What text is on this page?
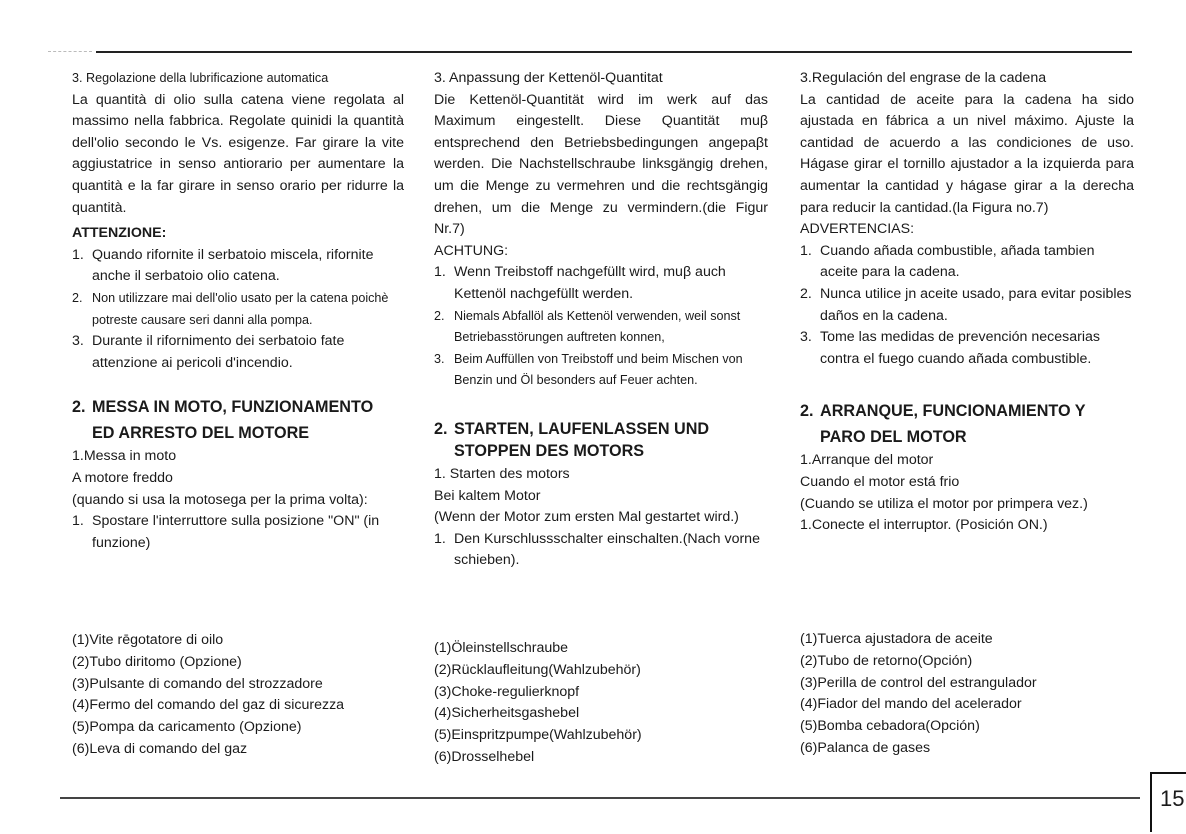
3. Regolazione della lubrificazione automatica

La quantità di olio sulla catena viene regolata al massimo nella fabbrica. Regolate quinidi la quantità dell'olio secondo le Vs. esigenze. Far girare la vite aggiustatrice in senso antiorario per aumentare la quantità e la far girare in senso orario per ridurre la quantità.

ATTENZIONE:

1. Quando rifornite il serbatoio miscela, rifornite anche il serbatoio olio catena.
2. Non utilizzare mai dell'olio usato per la catena poichè potreste causare seri danni alla pompa.
3. Durante il rifornimento dei serbatoio fate attenzione ai pericoli d'incendio.
2. MESSA IN MOTO, FUNZIONAMENTO
ED ARRESTO DEL MOTORE

1.Messa in moto

A motore freddo

(quando si usa la motosega per la prima volta):

1. Spostare l'interruttore sulla posizione "ON" (in funzione)

3. Anpassung der Kettenöl-Quantitat

Die Kettenöl-Quantität wird im werk auf das Maximum eingestellt. Diese Quantität muβ entsprechend den Betriebsbedingungen angepaβt werden. Die Nachstellschraube linksgängig drehen, um die Menge zu vermehren und die rechtsgängig drehen, um die Menge zu vermindern.(die Figur Nr.7)

ACHTUNG:

1. Wenn Treibstoff nachgefüllt wird, muβ auch Kettenöl nachgefüllt werden.
2. Niemals Abfallöl als Kettenöl verwenden, weil sonst Betriebasstörungen auftreten konnen,
3. Beim Auffüllen von Treibstoff und beim Mischen von Benzin und Öl besonders auf Feuer achten.
2. STARTEN, LAUFENLASSEN UND
STOPPEN DES MOTORS

1. Starten des motors

Bei kaltem Motor

(Wenn der Motor zum ersten Mal gestartet wird.)

1. Den Kurschlussschalter einschalten.(Nach vorne schieben).

3.Regulación del engrase de la cadena

La cantidad de aceite para la cadena ha sido ajustada en fábrica a un nivel máximo. Ajuste la cantidad de acuerdo a las condiciones de uso. Hágase girar el tornillo ajustador a la izquierda para aumentar la cantidad y hágase girar a la derecha para reducir la cantidad.(la Figura no.7)

ADVERTENCIAS:

1. Cuando añada combustible, añada tambien aceite para la cadena.
2. Nunca utilice jn aceite usado, para evitar posibles daños en la cadena.
3. Tome las medidas de prevención necesarias contra el fuego cuando añada combustible.
2. ARRANQUE, FUNCIONAMIENTO Y
PARO DEL MOTOR

1.Arranque del motor

Cuando el motor está frio

(Cuando se utiliza el motor por primpera vez.)

1.Conecte el interruptor. (Posición ON.)

(1)Vite rēgotatore di oilo
(2)Tubo diritomo (Opzione)
(3)Pulsante di comando del strozzadore
(4)Fermo del comando del gaz di sicurezza
(5)Pompa da caricamento (Opzione)
(6)Leva di comando del gaz
(1)Öleinstellschraube
(2)Rücklaufleitung(Wahlzubehör)
(3)Choke-regulierknopf
(4)Sicherheitsgashebel
(5)Einspritzpumpe(Wahlzubehör)
(6)Drosselhebel
(1)Tuerca ajustadora de aceite
(2)Tubo de retorno(Opción)
(3)Perilla de control del estrangulador
(4)Fiador del mando del acelerador
(5)Bomba cebadora(Opción)
(6)Palanca de gases
15
